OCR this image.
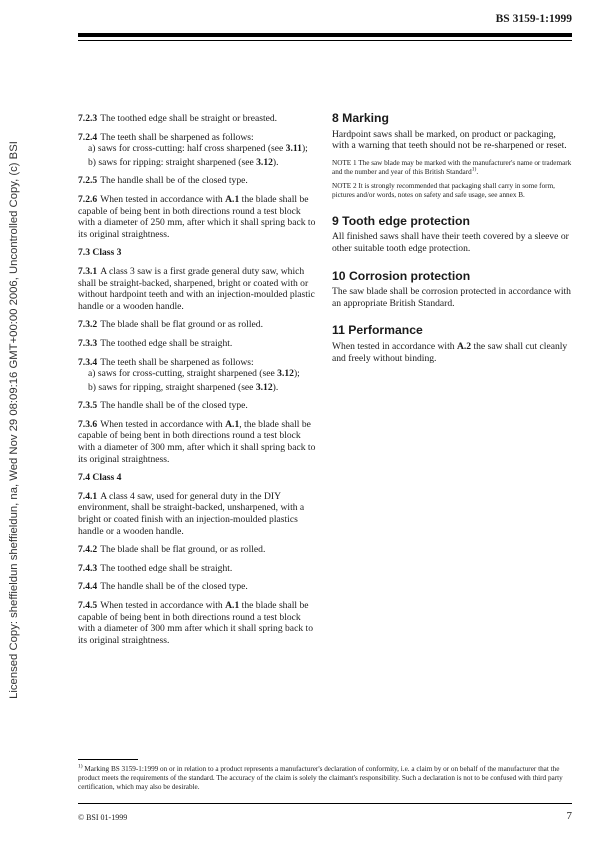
Licensed Copy: sheffieldun sheffieldun, na, Wed Nov 29 08:09:16 GMT+00:00 2006, Uncontrolled Copy, (c) BSI
BS 3159-1:1999
7.2.3 The toothed edge shall be straight or breasted.
7.2.4 The teeth shall be sharpened as follows:
a) saws for cross-cutting: half cross sharpened (see 3.11);
b) saws for ripping: straight sharpened (see 3.12).
7.2.5 The handle shall be of the closed type.
7.2.6 When tested in accordance with A.1 the blade shall be capable of being bent in both directions round a test block with a diameter of 250 mm, after which it shall spring back to its original straightness.
7.3 Class 3
7.3.1 A class 3 saw is a first grade general duty saw, which shall be straight-backed, sharpened, bright or coated with or without hardpoint teeth and with an injection-moulded plastic handle or a wooden handle.
7.3.2 The blade shall be flat ground or as rolled.
7.3.3 The toothed edge shall be straight.
7.3.4 The teeth shall be sharpened as follows:
a) saws for cross-cutting, straight sharpened (see 3.12);
b) saws for ripping, straight sharpened (see 3.12).
7.3.5 The handle shall be of the closed type.
7.3.6 When tested in accordance with A.1, the blade shall be capable of being bent in both directions round a test block with a diameter of 300 mm, after which it shall spring back to its original straightness.
7.4 Class 4
7.4.1 A class 4 saw, used for general duty in the DIY environment, shall be straight-backed, unsharpened, with a bright or coated finish with an injection-moulded plastics handle or a wooden handle.
7.4.2 The blade shall be flat ground, or as rolled.
7.4.3 The toothed edge shall be straight.
7.4.4 The handle shall be of the closed type.
7.4.5 When tested in accordance with A.1 the blade shall be capable of being bent in both directions round a test block with a diameter of 300 mm after which it shall spring back to its original straightness.
8 Marking
Hardpoint saws shall be marked, on product or packaging, with a warning that teeth should not be re-sharpened or reset.
NOTE 1 The saw blade may be marked with the manufacturer's name or trademark and the number and year of this British Standard$^{1)}$.
NOTE 2 It is strongly recommended that packaging shall carry in some form, pictures and/or words, notes on safety and safe usage, see annex B.
9 Tooth edge protection
All finished saws shall have their teeth covered by a sleeve or other suitable tooth edge protection.
10 Corrosion protection
The saw blade shall be corrosion protected in accordance with an appropriate British Standard.
11 Performance
When tested in accordance with A.2 the saw shall cut cleanly and freely without binding.
$^{1)}$ Marking BS 3159-1:1999 on or in relation to a product represents a manufacturer's declaration of conformity, i.e. a claim by or on behalf of the manufacturer that the product meets the requirements of the standard. The accuracy of the claim is solely the claimant's responsibility. Such a declaration is not to be confused with third party certification, which may also be desirable.
© BSI 01-1999	7
